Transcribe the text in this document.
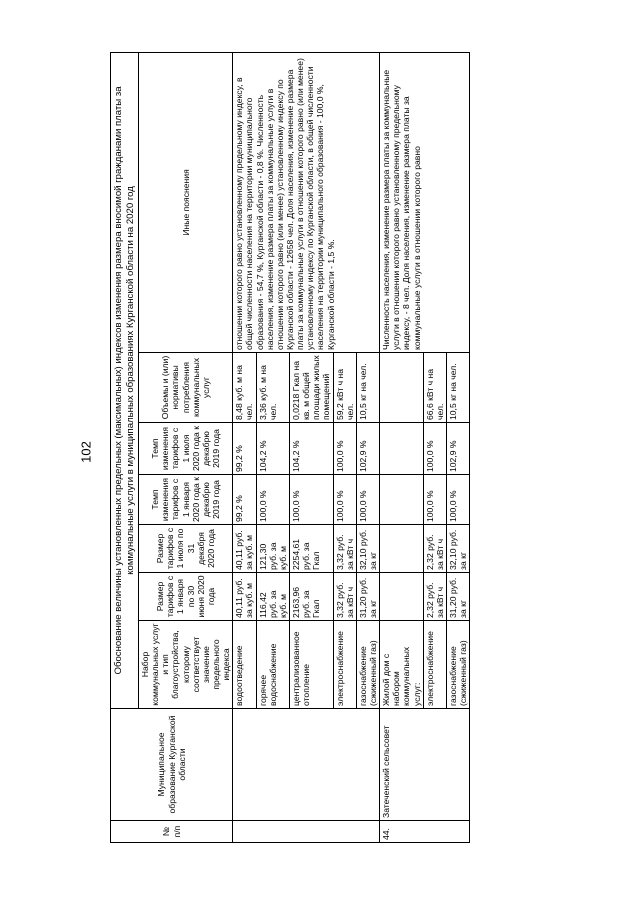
102
№ п/п	Муниципальное образование Курганской области	Обоснование величины установленных предельных (максимальных) индексов изменения размера вносимой гражданами платы за коммунальные услуги в муниципальных образованиях Курганской области на 2020 год						
		Набор коммунальных услуг и тип благоустройства, которому соответствует значение предельного индекса	Размер тарифов с 1 января по 30 июня 2020 года	Размер тарифов с 1 июля по 31 декабря 2020 года	Темп изменения тарифов с 1 января 2020 года к декабрю 2019 года	Темп изменения тарифов с 1 июля 2020 года к декабрю 2019 года	Объемы и (или) нормативы потребления коммунальных услуг	Иные пояснения
		водоотведение	40,11 руб. за куб. м	40,11 руб. за куб. м	99,2 %	99,2 %	8,48 куб. м на чел.	отношении которого равно установленному предельному индексу, в общей численности населения на территории муниципального образования - 54,7 %, Курганской области - 0,8 %. Численность населения, изменение размера платы за коммунальные услуги в отношении которого равно (или менее) установленному индексу по Курганской области - 12658 чел. Доля населения, изменение размера платы за коммунальные услуги в отношении которого равно (или менее) установленному индексу по Курганской области, в общей численности населения на территории муниципального образования - 100,0 %, Курганской области - 1,5 %.
		горячее водоснабжение	116,42 руб. за куб. м	121,30 руб. за куб. м	100,0 %	104,2 %	3,36 куб. м на чел.	
		централизованное отопление	2163,96 руб. за Гкал	2254,61 руб. за Гкал	100,0 %	104,2 %	0,0218 Гкал на кв. м общей площади жилых помещений	
		электроснабжение	3,32 руб. за кВт ч	3,32 руб. за кВт ч	100,0 %	100,0 %	59,2 кВт ч на чел.	
		газоснабжение (сжиженный газ)	31,20 руб. за кг	32,10 руб. за кг	100,0 %	102,9 %	10,5 кг на чел.	
44.	Затеченский сельсовет	Жилой дом с набором коммунальных услуг:						Численность населения, изменение размера платы за коммунальные услуги в отношении которого равно установленному предельному индексу, - 8 чел. Доля населения, изменение размера платы за коммунальные услуги в отношении которого равно
		электроснабжение	2,32 руб. за кВт ч	2,32 руб. за кВт ч	100,0 %	100,0 %	66,6 кВт ч на чел.	
		газоснабжение (сжиженный газ)	31,20 руб. за кг	32,10 руб. за кг	100,0 %	102,9 %	10,5 кг на чел.	
